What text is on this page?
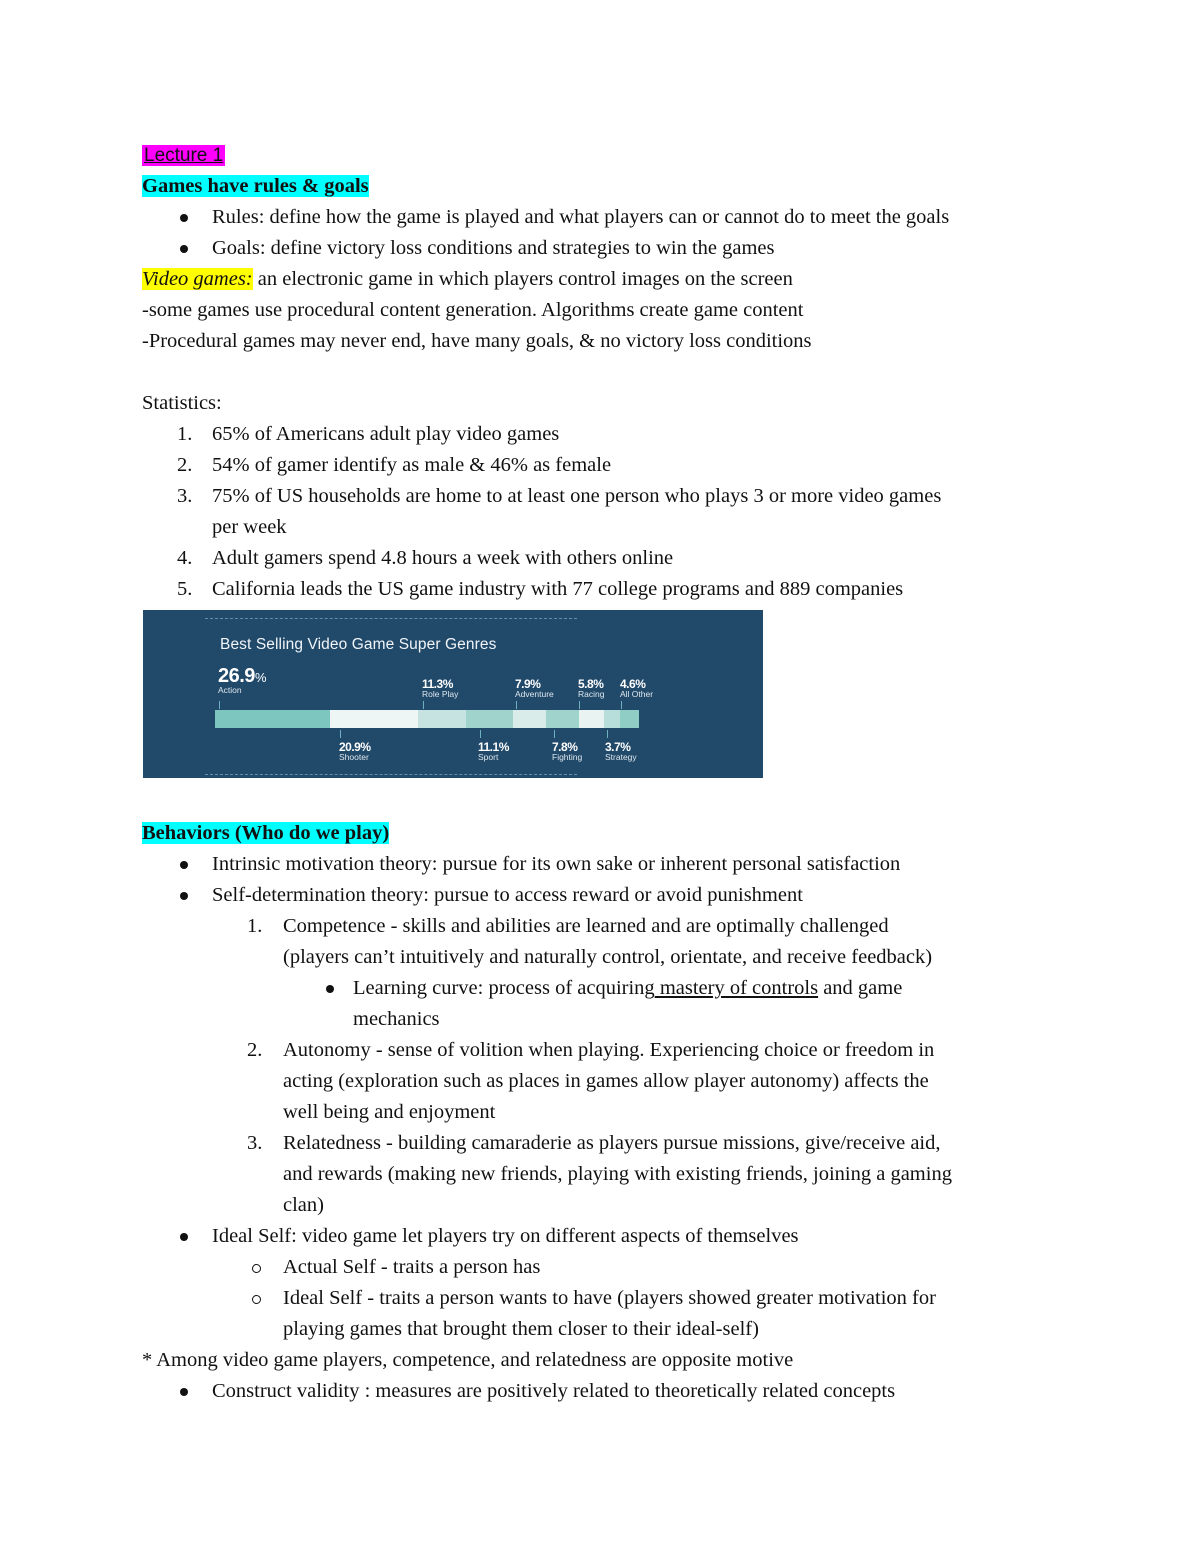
Lecture 1
Games have rules & goals
Rules: define how the game is played and what players can or cannot do to meet the goals
Goals: define victory loss conditions and strategies to win the games
Video games: an electronic game in which players control images on the screen
-some games use procedural content generation. Algorithms create game content
-Procedural games may never end, have many goals, & no victory loss conditions
Statistics:
1. 65% of Americans adult play video games
2. 54% of gamer identify as male & 46% as female
3. 75% of US households are home to at least one person who plays 3 or more video games
per week
4. Adult gamers spend 4.8 hours a week with others online
5. California leads the US game industry with 77 college programs and 889 companies
Best Selling Video Game Super Genres
26.9%
Action	11.3%
Role Play
7.9%
Adventure
5.8%
Racing
4.6%
All Other
20.9%
Shooter
11.1%
Sport
7.8%
Fighting
3.7%
Strategy
Behaviors (Who do we play)
Intrinsic motivation theory: pursue for its own sake or inherent personal satisfaction
Self-determination theory: pursue to access reward or avoid punishment
1. Competence - skills and abilities are learned and are optimally challenged
(players can’t intuitively and naturally control, orientate, and receive feedback)
Learning curve: process of acquiring mastery of controls and game
mechanics
2. Autonomy - sense of volition when playing. Experiencing choice or freedom in
acting (exploration such as places in games allow player autonomy) affects the
well being and enjoyment
3. Relatedness - building camaraderie as players pursue missions, give/receive aid,
and rewards (making new friends, playing with existing friends, joining a gaming
clan)
Ideal Self: video game let players try on different aspects of themselves
Actual Self - traits a person has
Ideal Self - traits a person wants to have (players showed greater motivation for
playing games that brought them closer to their ideal-self)
* Among video game players, competence, and relatedness are opposite motive
Construct validity : measures are positively related to theoretically related concepts
